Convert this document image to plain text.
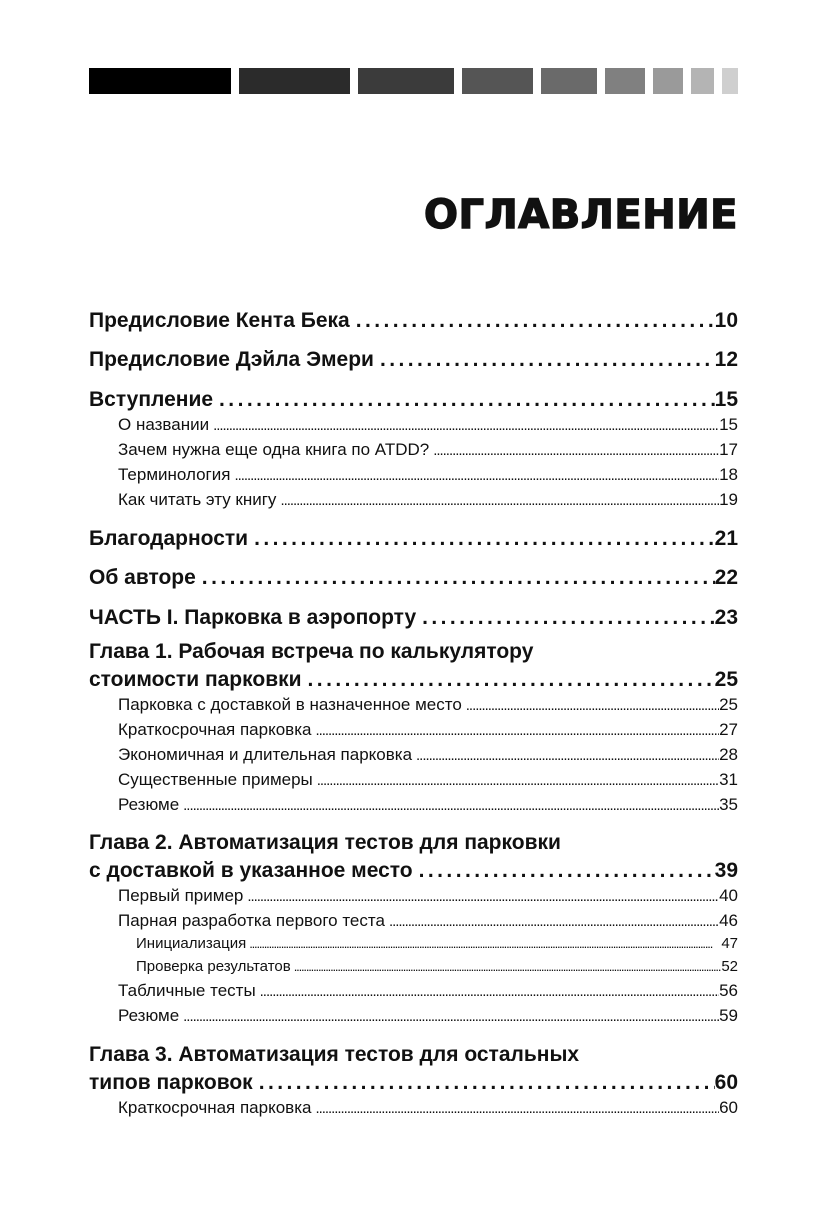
ОГЛАВЛЕНИЕ
Предисловие Кента Бека . . .	10
Предисловие Дэйла Эмери . . .	12
Вступление . . .	15
О названии . . .	15
Зачем нужна еще одна книга по ATDD? . . .	17
Терминология . . .	18
Как читать эту книгу . . .	19
Благодарности . . .	21
Об авторе . . .	22
ЧАСТЬ I. Парковка в аэропорту . . .	23
Глава 1. Рабочая встреча по калькулятору
стоимости парковки . . .	25
Парковка с доставкой в назначенное место . . .	25
Краткосрочная парковка . . .	27
Экономичная и длительная парковка . . .	28
Существенные примеры . . .	31
Резюме . . .	35
Глава 2. Автоматизация тестов для парковки
с доставкой в указанное место . . .	39
Первый пример . . .	40
Парная разработка первого теста . . .	46
Инициализация . . .	47
Проверка результатов . . .	52
Табличные тесты . . .	56
Резюме . . .	59
Глава 3. Автоматизация тестов для остальных
типов парковок . . .	60
Краткосрочная парковка . . .	60
